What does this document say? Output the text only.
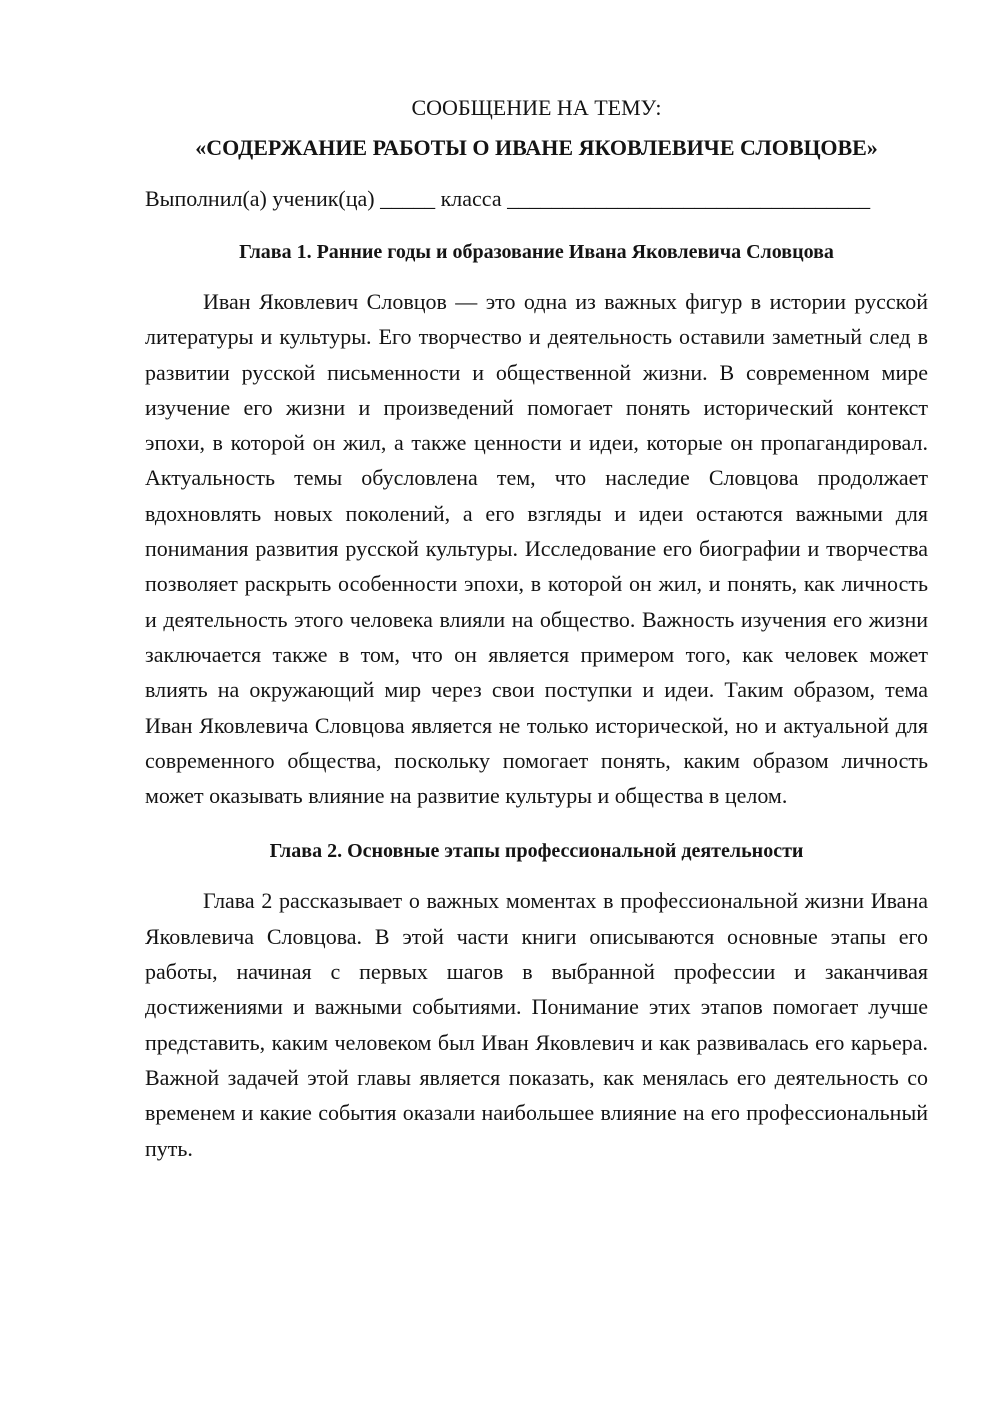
СООБЩЕНИЕ НА ТЕМУ:

«СОДЕРЖАНИЕ РАБОТЫ О ИВАНЕ ЯКОВЛЕВИЧЕ СЛОВЦОВЕ»

Выполнил(а) ученик(ца) _____ класса _________________________________
Глава 1. Ранние годы и образование Ивана Яковлевича Словцова

Иван Яковлевич Словцов — это одна из важных фигур в истории русской литературы и культуры. Его творчество и деятельность оставили заметный след в развитии русской письменности и общественной жизни. В современном мире изучение его жизни и произведений помогает понять исторический контекст эпохи, в которой он жил, а также ценности и идеи, которые он пропагандировал. Актуальность темы обусловлена тем, что наследие Словцова продолжает вдохновлять новых поколений, а его взгляды и идеи остаются важными для понимания развития русской культуры. Исследование его биографии и творчества позволяет раскрыть особенности эпохи, в которой он жил, и понять, как личность и деятельность этого человека влияли на общество. Важность изучения его жизни заключается также в том, что он является примером того, как человек может влиять на окружающий мир через свои поступки и идеи. Таким образом, тема Иван Яковлевича Словцова является не только исторической, но и актуальной для современного общества, поскольку помогает понять, каким образом личность может оказывать влияние на развитие культуры и общества в целом.

Глава 2. Основные этапы профессиональной деятельности

Глава 2 рассказывает о важных моментах в профессиональной жизни Ивана Яковлевича Словцова. В этой части книги описываются основные этапы его работы, начиная с первых шагов в выбранной профессии и заканчивая достижениями и важными событиями. Понимание этих этапов помогает лучше представить, каким человеком был Иван Яковлевич и как развивалась его карьера. Важной задачей этой главы является показать, как менялась его деятельность со временем и какие события оказали наибольшее влияние на его профессиональный путь.
